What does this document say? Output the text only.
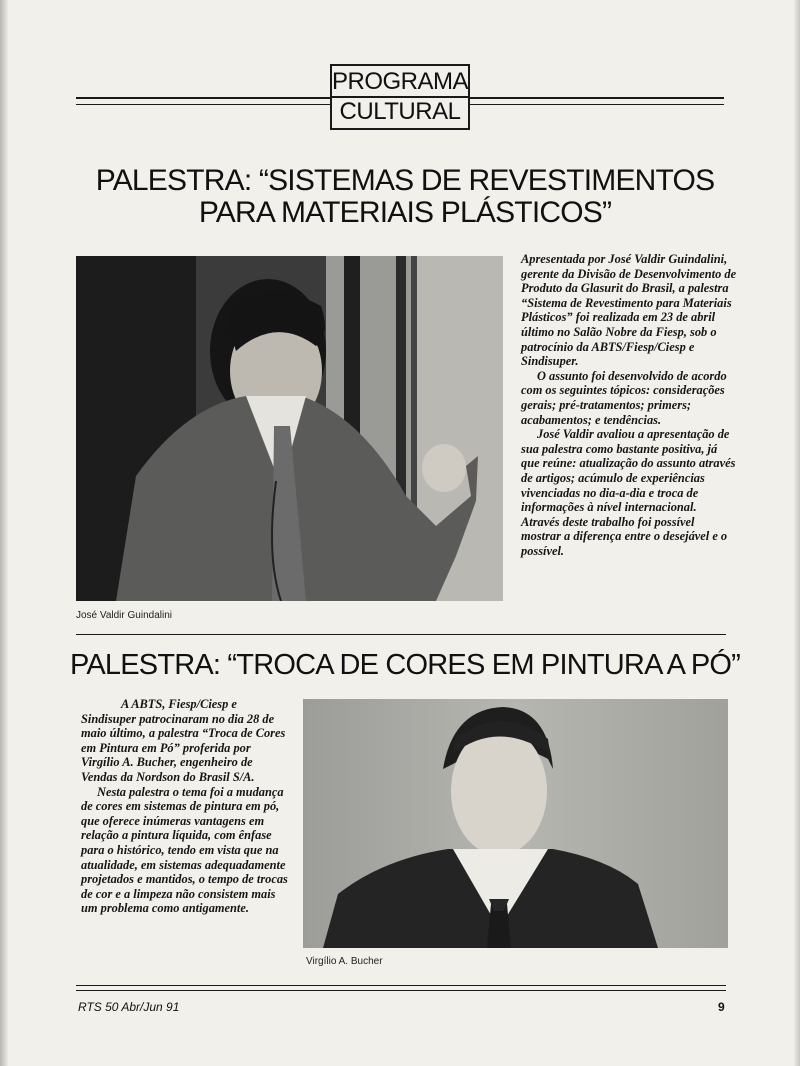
PROGRAMA
CULTURAL
PALESTRA: “SISTEMAS DE REVESTIMENTOS
PARA MATERIAIS PLÁSTICOS”
José Valdir Guindalini

Apresentada por José Valdir Guindalini, gerente da Divisão de Desenvolvimento de Produto da Glasurit do Brasil, a palestra “Sistema de Revestimento para Materiais Plásticos” foi realizada em 23 de abril último no Salão Nobre da Fiesp, sob o patrocínio da ABTS/Fiesp/Ciesp e Sindisuper.

O assunto foi desenvolvido de acordo com os seguintes tópicos: considerações gerais; pré-tratamentos; primers; acabamentos; e tendências.

José Valdir avaliou a apresentação de sua palestra como bastante positiva, já que reúne: atualização do assunto através de artigos; acúmulo de experiências vivenciadas no dia-a-dia e troca de informações à nível internacional. Através deste trabalho foi possível mostrar a diferença entre o desejável e o possível.

PALESTRA: “TROCA DE CORES EM PINTURA A PÓ”

A ABTS, Fiesp/Ciesp e Sindisuper patrocinaram no dia 28 de maio último, a palestra “Troca de Cores em Pintura em Pó” proferida por Virgílio A. Bucher, engenheiro de Vendas da Nordson do Brasil S/A.

Nesta palestra o tema foi a mudança de cores em sistemas de pintura em pó, que oferece inúmeras vantagens em relação a pintura líquida, com ênfase para o histórico, tendo em vista que na atualidade, em sistemas adequadamente projetados e mantidos, o tempo de trocas de cor e a limpeza não consistem mais um problema como antigamente.

Virgílio A. Bucher
RTS 50 Abr/Jun 91	9
